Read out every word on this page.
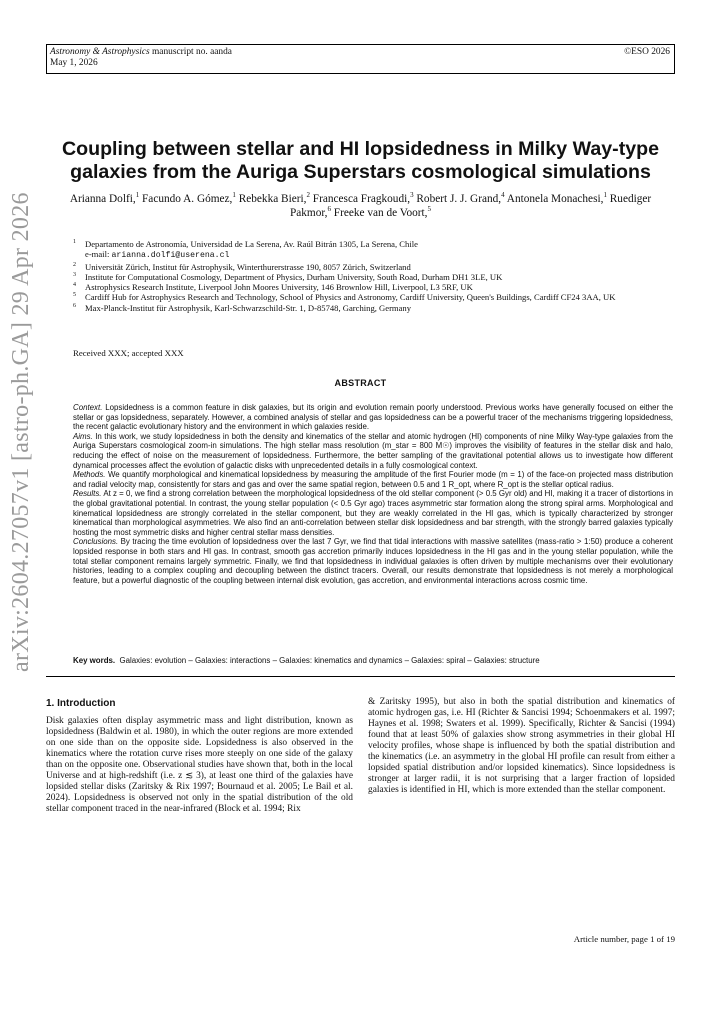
Astronomy & Astrophysics manuscript no. aanda
May 1, 2026
©ESO 2026
arXiv:2604.27057v1 [astro-ph.GA] 29 Apr 2026
Coupling between stellar and HI lopsidedness in Milky Way-type galaxies from the Auriga Superstars cosmological simulations
Arianna Dolfi,$^1$ Facundo A. Gómez,$^1$ Rebekka Bieri,$^2$ Francesca Fragkoudi,$^3$ Robert J. J. Grand,$^4$ Antonela Monachesi,$^1$ Ruediger Pakmor,$^6$ Freeke van de Voort,$^5$
1 Departamento de Astronomía, Universidad de La Serena, Av. Raúl Bitrán 1305, La Serena, Chile
e-mail: arianna.dolfi@userena.cl
2 Universität Zürich, Institut für Astrophysik, Winterthurerstrasse 190, 8057 Zürich, Switzerland
3 Institute for Computational Cosmology, Department of Physics, Durham University, South Road, Durham DH1 3LE, UK
4 Astrophysics Research Institute, Liverpool John Moores University, 146 Brownlow Hill, Liverpool, L3 5RF, UK
5 Cardiff Hub for Astrophysics Research and Technology, School of Physics and Astronomy, Cardiff University, Queen's Buildings, Cardiff CF24 3AA, UK
6 Max-Planck-Institut für Astrophysik, Karl-Schwarzschild-Str. 1, D-85748, Garching, Germany
Received XXX; accepted XXX
ABSTRACT

Context. Lopsidedness is a common feature in disk galaxies, but its origin and evolution remain poorly understood. Previous works have generally focused on either the stellar or gas lopsidedness, separately. However, a combined analysis of stellar and gas lopsidedness can be a powerful tracer of the mechanisms triggering lopsidedness, the recent galactic evolutionary history and the environment in which galaxies reside.

Aims. In this work, we study lopsidedness in both the density and kinematics of the stellar and atomic hydrogen (HI) components of nine Milky Way-type galaxies from the Auriga Superstars cosmological zoom-in simulations. The high stellar mass resolution (m_star = 800 M☉) improves the visibility of features in the stellar disk and halo, reducing the effect of noise on the measurement of lopsidedness. Furthermore, the better sampling of the gravitational potential allows us to investigate how different dynamical processes affect the evolution of galactic disks with unprecedented details in a fully cosmological context.

Methods. We quantify morphological and kinematical lopsidedness by measuring the amplitude of the first Fourier mode (m = 1) of the face-on projected mass distribution and radial velocity map, consistently for stars and gas and over the same spatial region, between 0.5 and 1 R_opt, where R_opt is the stellar optical radius.

Results. At z = 0, we find a strong correlation between the morphological lopsidedness of the old stellar component (> 0.5 Gyr old) and HI, making it a tracer of distortions in the global gravitational potential. In contrast, the young stellar population (< 0.5 Gyr ago) traces asymmetric star formation along the strong spiral arms. Morphological and kinematical lopsidedness are strongly correlated in the stellar component, but they are weakly correlated in the HI gas, which is typically characterized by stronger kinematical than morphological asymmetries. We also find an anti-correlation between stellar disk lopsidedness and bar strength, with the strongly barred galaxies typically hosting the most symmetric disks and higher central stellar mass densities.

Conclusions. By tracing the time evolution of lopsidedness over the last 7 Gyr, we find that tidal interactions with massive satellites (mass-ratio > 1:50) produce a coherent lopsided response in both stars and HI gas. In contrast, smooth gas accretion primarily induces lopsidedness in the HI gas and in the young stellar population, while the total stellar component remains largely symmetric. Finally, we find that lopsidedness in individual galaxies is often driven by multiple mechanisms over their evolutionary histories, leading to a complex coupling and decoupling between the distinct tracers. Overall, our results demonstrate that lopsidedness is not merely a morphological feature, but a powerful diagnostic of the coupling between internal disk evolution, gas accretion, and environmental interactions across cosmic time.

Key words. Galaxies: evolution – Galaxies: interactions – Galaxies: kinematics and dynamics – Galaxies: spiral – Galaxies: structure
1. Introduction
Disk galaxies often display asymmetric mass and light distribution, known as lopsidedness (Baldwin et al. 1980), in which the outer regions are more extended on one side than on the opposite side. Lopsidedness is also observed in the kinematics where the rotation curve rises more steeply on one side of the galaxy than on the opposite one. Observational studies have shown that, both in the local Universe and at high-redshift (i.e. z ≲ 3), at least one third of the galaxies have lopsided stellar disks (Zaritsky & Rix 1997; Bournaud et al. 2005; Le Bail et al. 2024). Lopsidedness is observed not only in the spatial distribution of the old stellar component traced in the near-infrared (Block et al. 1994; Rix
& Zaritsky 1995), but also in both the spatial distribution and kinematics of atomic hydrogen gas, i.e. HI (Richter & Sancisi 1994; Schoenmakers et al. 1997; Haynes et al. 1998; Swaters et al. 1999). Specifically, Richter & Sancisi (1994) found that at least 50% of galaxies show strong asymmetries in their global HI velocity profiles, whose shape is influenced by both the spatial distribution and the kinematics (i.e. an asymmetry in the global HI profile can result from either a lopsided spatial distribution and/or lopsided kinematics). Since lopsidedness is stronger at larger radii, it is not surprising that a larger fraction of lopsided galaxies is identified in HI, which is more extended than the stellar component.
Article number, page 1 of 19
